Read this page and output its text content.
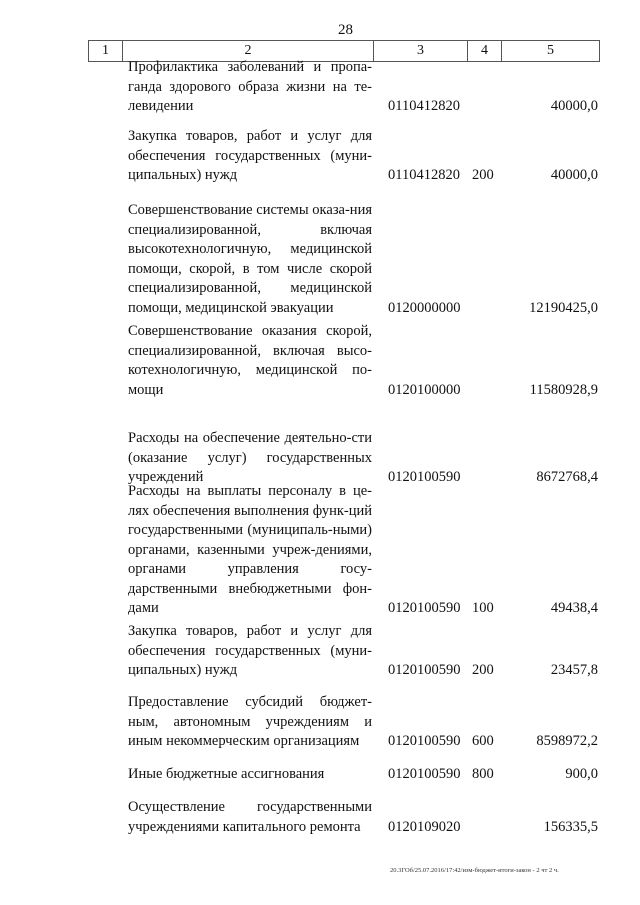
28
1	2	3	4	5
Профилактика заболеваний и пропа-ганда здорового образа жизни на те-левидении	0110412820	40000,0
Закупка товаров, работ и услуг для обеспечения государственных (муни-ципальных) нужд	0110412820 200	40000,0
Совершенствование системы оказа-ния специализированной, включая высокотехнологичную, медицинской помощи, скорой, в том числе скорой специализированной, медицинской помощи, медицинской эвакуации	0120000000	12190425,0
Совершенствование оказания скорой, специализированной, включая высо-котехнологичную, медицинской по-мощи	0120100000	11580928,9
Расходы на обеспечение деятельно-сти (оказание услуг) государственных учреждений	0120100590	8672768,4
Расходы на выплаты персоналу в це-лях обеспечения выполнения функ-ций государственными (муниципаль-ными) органами, казенными учреж-дениями, органами управления госу-дарственными внебюджетными фон-дами	0120100590 100	49438,4
Закупка товаров, работ и услуг для обеспечения государственных (муни-ципальных) нужд	0120100590 200	23457,8
Предоставление субсидий бюджет-ным, автономным учреждениям и иным некоммерческим организациям	0120100590 600	8598972,2
Иные бюджетные ассигнования	0120100590 800	900,0
Осуществление государственными учреждениями капитального ремонта	0120109020	156335,5
20.3ГОб/25.07.2016/17:42/изм-бюджет-итоги-закон - 2 чт 2 ч.
